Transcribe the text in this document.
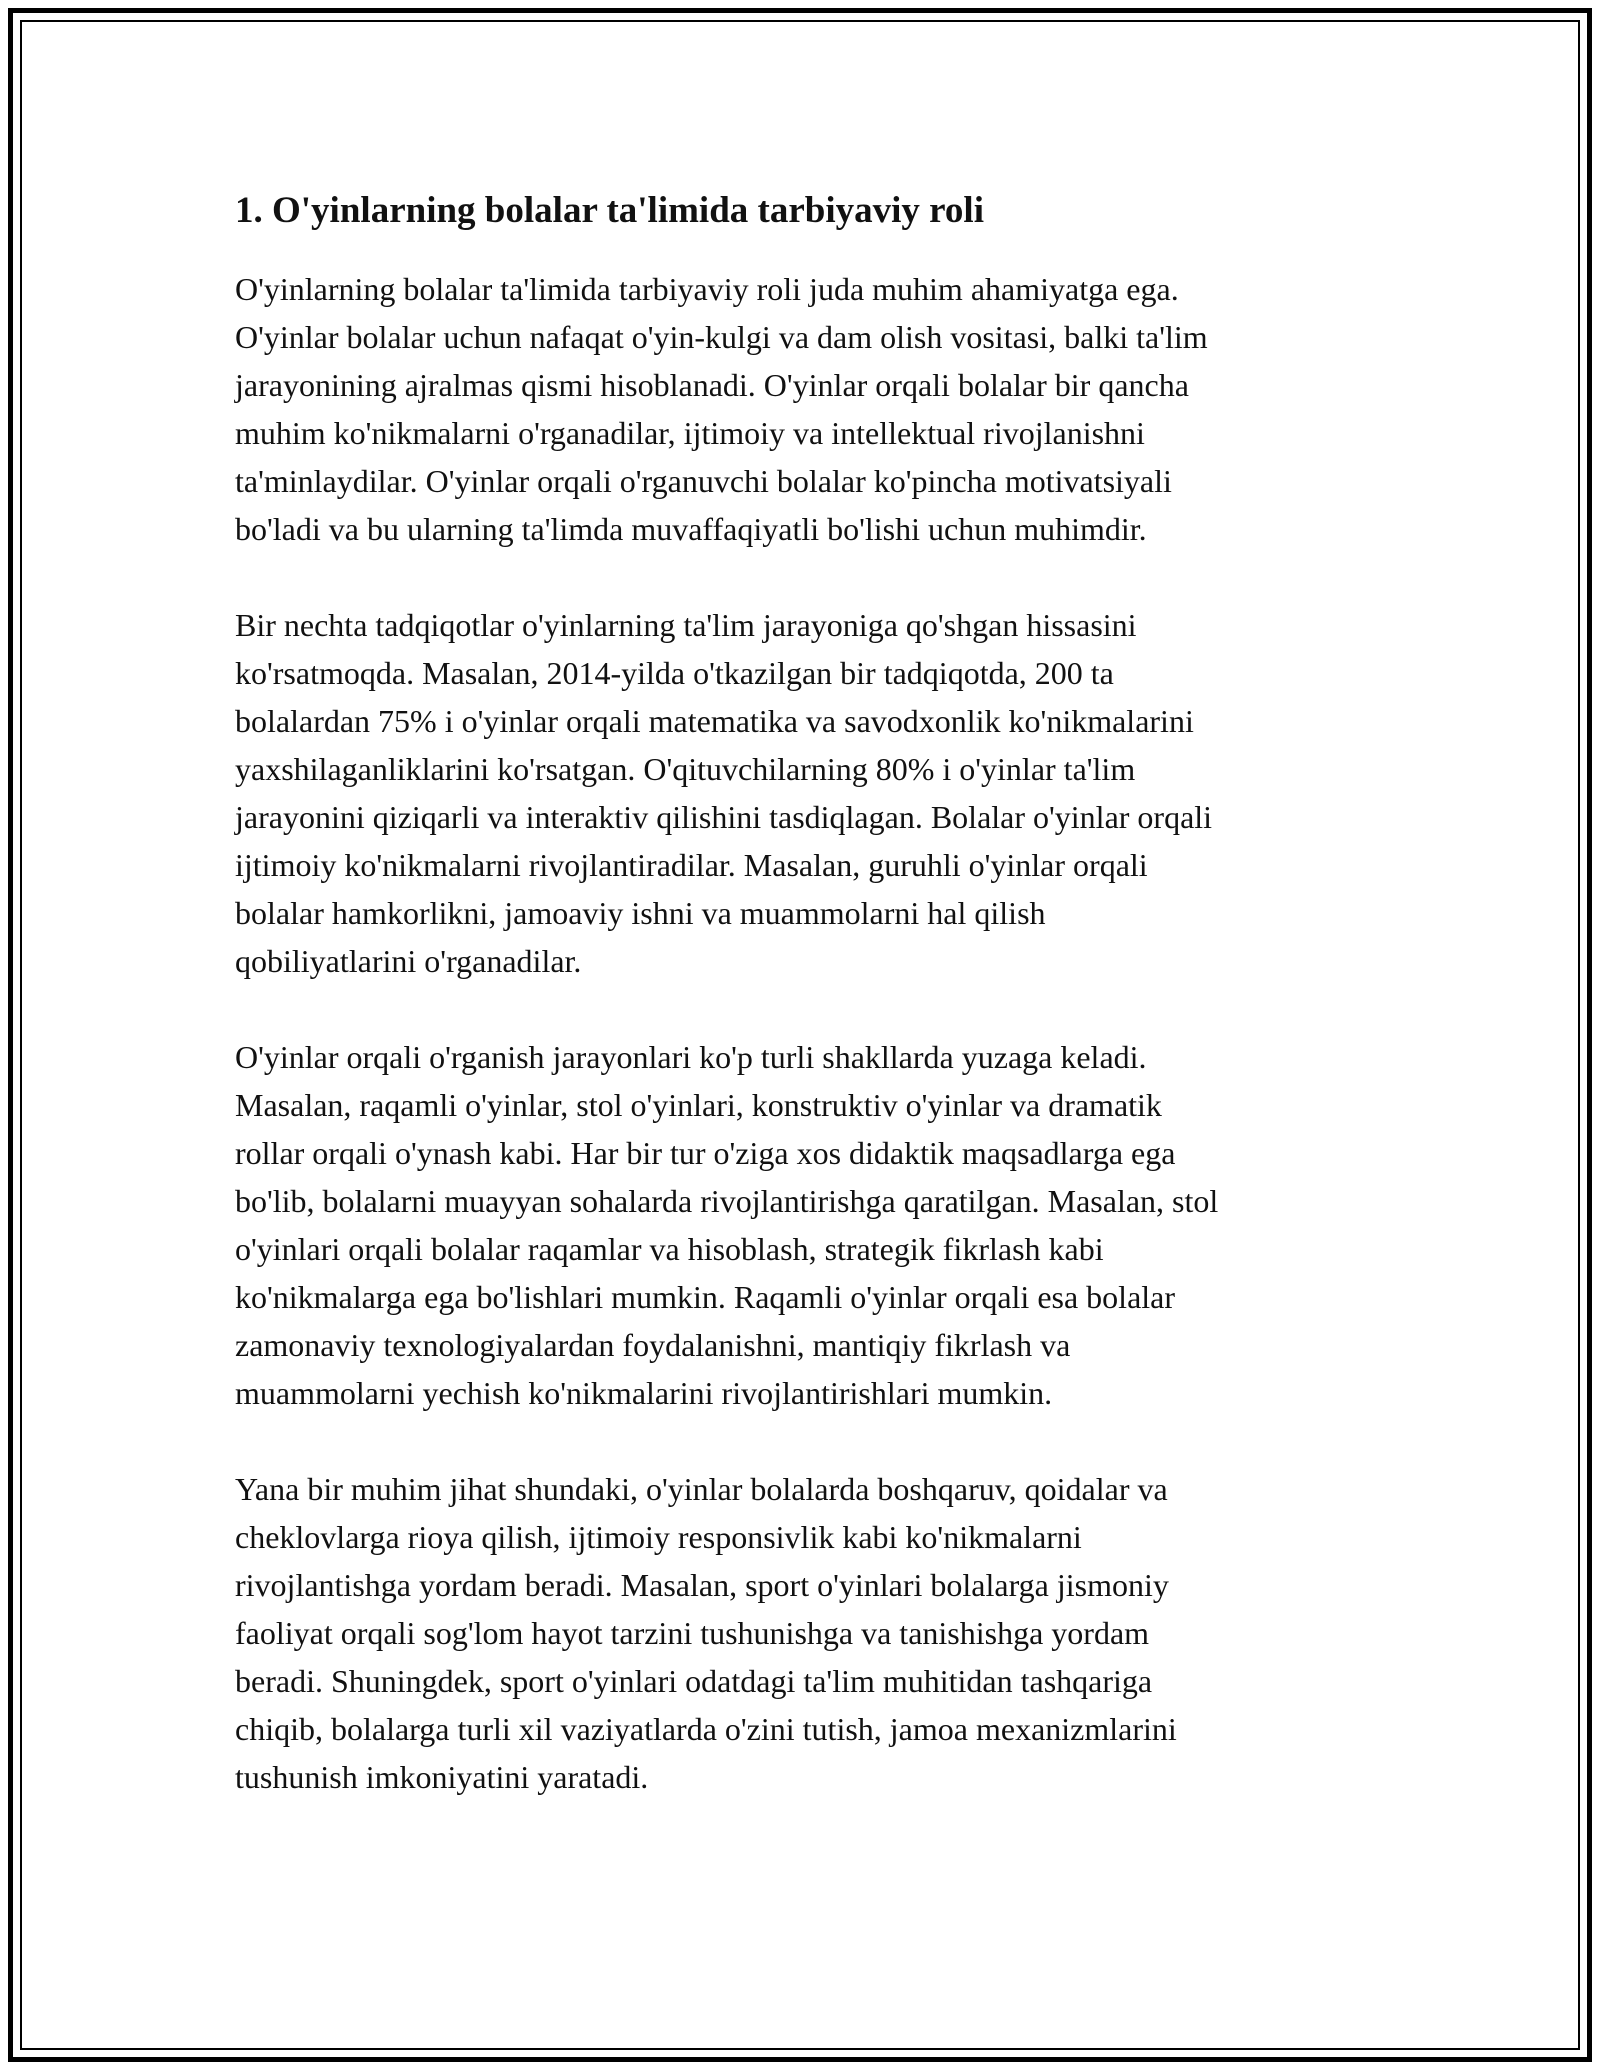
1. O'yinlarning bolalar ta'limida tarbiyaviy roli

O'yinlarning bolalar ta'limida tarbiyaviy roli juda muhim ahamiyatga ega.
O'yinlar bolalar uchun nafaqat o'yin-kulgi va dam olish vositasi, balki ta'lim
jarayonining ajralmas qismi hisoblanadi. O'yinlar orqali bolalar bir qancha
muhim ko'nikmalarni o'rganadilar, ijtimoiy va intellektual rivojlanishni
ta'minlaydilar. O'yinlar orqali o'rganuvchi bolalar ko'pincha motivatsiyali
bo'ladi va bu ularning ta'limda muvaffaqiyatli bo'lishi uchun muhimdir.

Bir nechta tadqiqotlar o'yinlarning ta'lim jarayoniga qo'shgan hissasini
ko'rsatmoqda. Masalan, 2014-yilda o'tkazilgan bir tadqiqotda, 200 ta
bolalardan 75% i o'yinlar orqali matematika va savodxonlik ko'nikmalarini
yaxshilaganliklarini ko'rsatgan. O'qituvchilarning 80% i o'yinlar ta'lim
jarayonini qiziqarli va interaktiv qilishini tasdiqlagan. Bolalar o'yinlar orqali
ijtimoiy ko'nikmalarni rivojlantiradilar. Masalan, guruhli o'yinlar orqali
bolalar hamkorlikni, jamoaviy ishni va muammolarni hal qilish
qobiliyatlarini o'rganadilar.

O'yinlar orqali o'rganish jarayonlari ko'p turli shakllarda yuzaga keladi.
Masalan, raqamli o'yinlar, stol o'yinlari, konstruktiv o'yinlar va dramatik
rollar orqali o'ynash kabi. Har bir tur o'ziga xos didaktik maqsadlarga ega
bo'lib, bolalarni muayyan sohalarda rivojlantirishga qaratilgan. Masalan, stol
o'yinlari orqali bolalar raqamlar va hisoblash, strategik fikrlash kabi
ko'nikmalarga ega bo'lishlari mumkin. Raqamli o'yinlar orqali esa bolalar
zamonaviy texnologiyalardan foydalanishni, mantiqiy fikrlash va
muammolarni yechish ko'nikmalarini rivojlantirishlari mumkin.

Yana bir muhim jihat shundaki, o'yinlar bolalarda boshqaruv, qoidalar va
cheklovlarga rioya qilish, ijtimoiy responsivlik kabi ko'nikmalarni
rivojlantishga yordam beradi. Masalan, sport o'yinlari bolalarga jismoniy
faoliyat orqali sog'lom hayot tarzini tushunishga va tanishishga yordam
beradi. Shuningdek, sport o'yinlari odatdagi ta'lim muhitidan tashqariga
chiqib, bolalarga turli xil vaziyatlarda o'zini tutish, jamoa mexanizmlarini
tushunish imkoniyatini yaratadi.
